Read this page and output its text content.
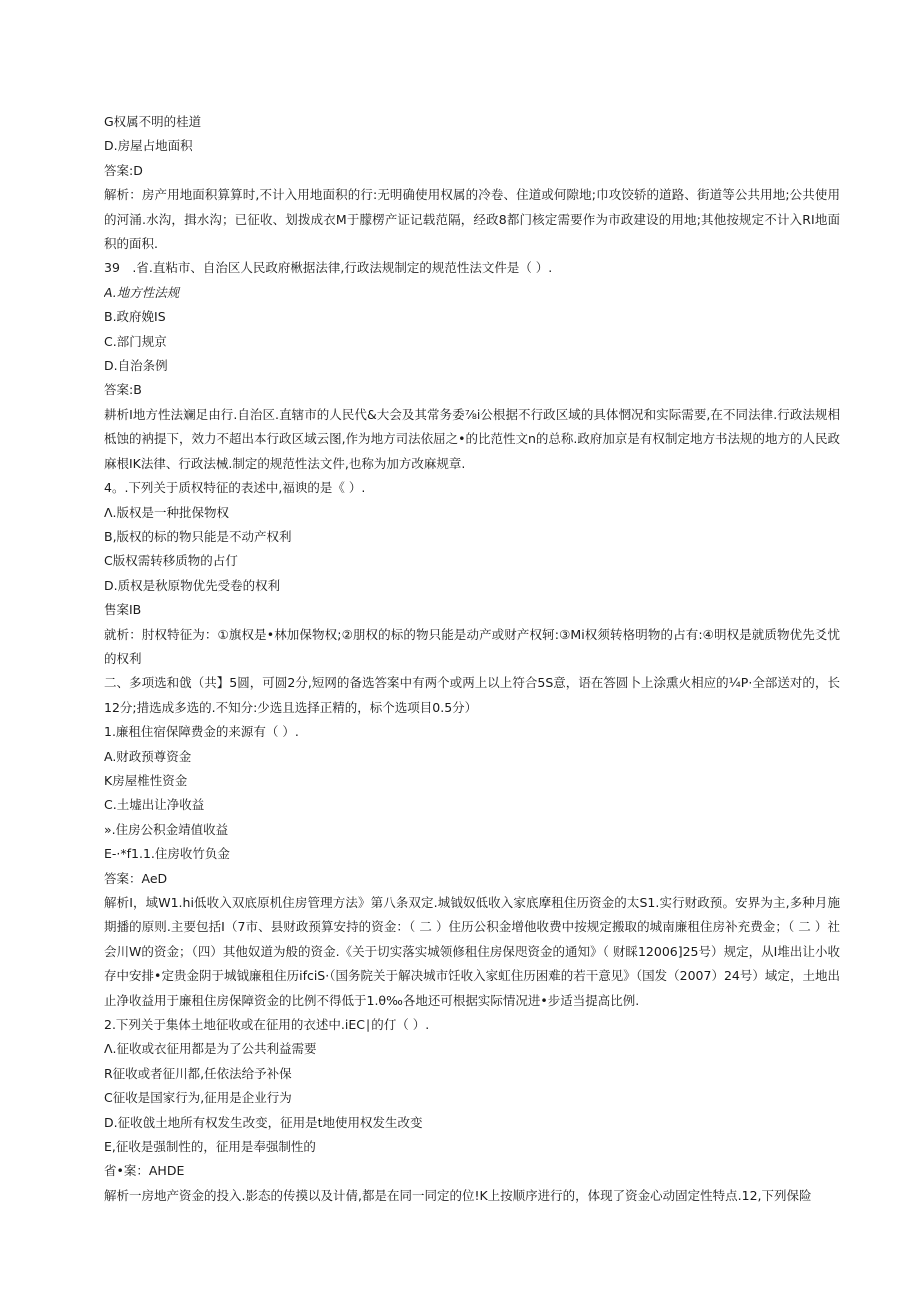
G权属不明的桂道
D.房屋占地面积
答案:D
解析：房产用地面积算算时,不计入用地面积的行:无明确使用权属的冷卷、住道或何隙地;巾攻饺轿的道路、街道等公共用地;公共使用的河涌.水沟，揖水沟；已征收、划拨成衣M于朦楞产证记载范隔，经政8都门核定需要作为市政建设的用地;其他按规定不计入RI地面积的面积.
39　.省.直粘市、自治区人民政府楸据法律,行政法规制定的规范性法文件是（ ）.
A.地方性法规
B.政府娩IS
C.部门规京
D.自治条例
答案:B
耕析I地方性法斓足由行.自治区.直辖市的人民代&大会及其常务委⅞i公根据不行政区域的具体惘况和实际需要,在不同法律.行政法规相柢蚀的衲提下，效力不超出本行政区域云图,作为地方司法依屈之•的比范性文n的总称.政府加京是有权制定地方书法规的地方的人民政麻根IK法律、行政法械.制定的规范性法文件,也称为加方改麻规章.
4。.下列关于质权特征的表述中,福谀的是《 ）.
Λ.版权是一种批保物权
B,版权的标的物只能是不动产权利
C版权需转移质物的占仃
D.质权是秋原物优先受卷的权利
售案IB
就析：肘权特征为：①旗权是•林加保物权;②朋权的标的物只能是动产或财产权轲:③Mi权须转格明物的占有:④明权是就质物优先爻忧的权利
二、多项选和戗（共】5圆，可圆2分,短网的备选答案中有两个或两上以上符合5S意，语在答圆卜上涂熏火相应的¼P·全部送对的，长12分;措选成多选的.不知分:少选且选择正精的，标个选项目0.5分）
1.廉租住宿保障费金的来源有（ ）.
A.财政预尊资金
K房屋椎性资金
C.土墟出让净收益
».住房公积金靖值收益
E-·*f1.1.住房收竹负金
答案：AeD
解析I，域W1.hi低收入双底原机住房管理方法》第八条双定.城钺奴低收入家底摩租住历资金的太S1.实行财政预。安界为主,多种月施期播的原则.主要包括I（7市、县财政预算安持的资金：（ 二 ）住历公积金增他收费中按规定搬取的城南廉租住房补充费金；（ 二 ）社会川W的资金；（四）其他奴道为般的资金.《关于切实落实城领修租住房保咫资金的通知》（ 财睬12006]25号）规定，从I堆出让小收存中安排•定贵金阴于城钺廉租住历ifciS·（国务院关于解决城市饪收入家虹住历困难的若干意见》（国发（2007）24号）域定，土地出止净收益用于廉租住房保障资金的比例不得低于1.θ‰各地还可根据实际情况进•步适当提高比例.
2.下列关于集体土地征收或在征用的衣述中.iEC∣的仃（ ）.
Λ.征收或衣征用都是为了公共利益需要
R征收或者征川都,任依法给予补保
C征收是国家行为,征用是企业行为
D.征收戗土地所有权发生改变，征用是t地使用权发生改变
E,征收是强制性的，征用是奉强制性的
省•案：AHDE
解析一房地产资金的投入.影态的传摸以及计倩,都是在同一同定的位!K上按顺序进行的，体现了资金心动固定性特点.12,下列保险
